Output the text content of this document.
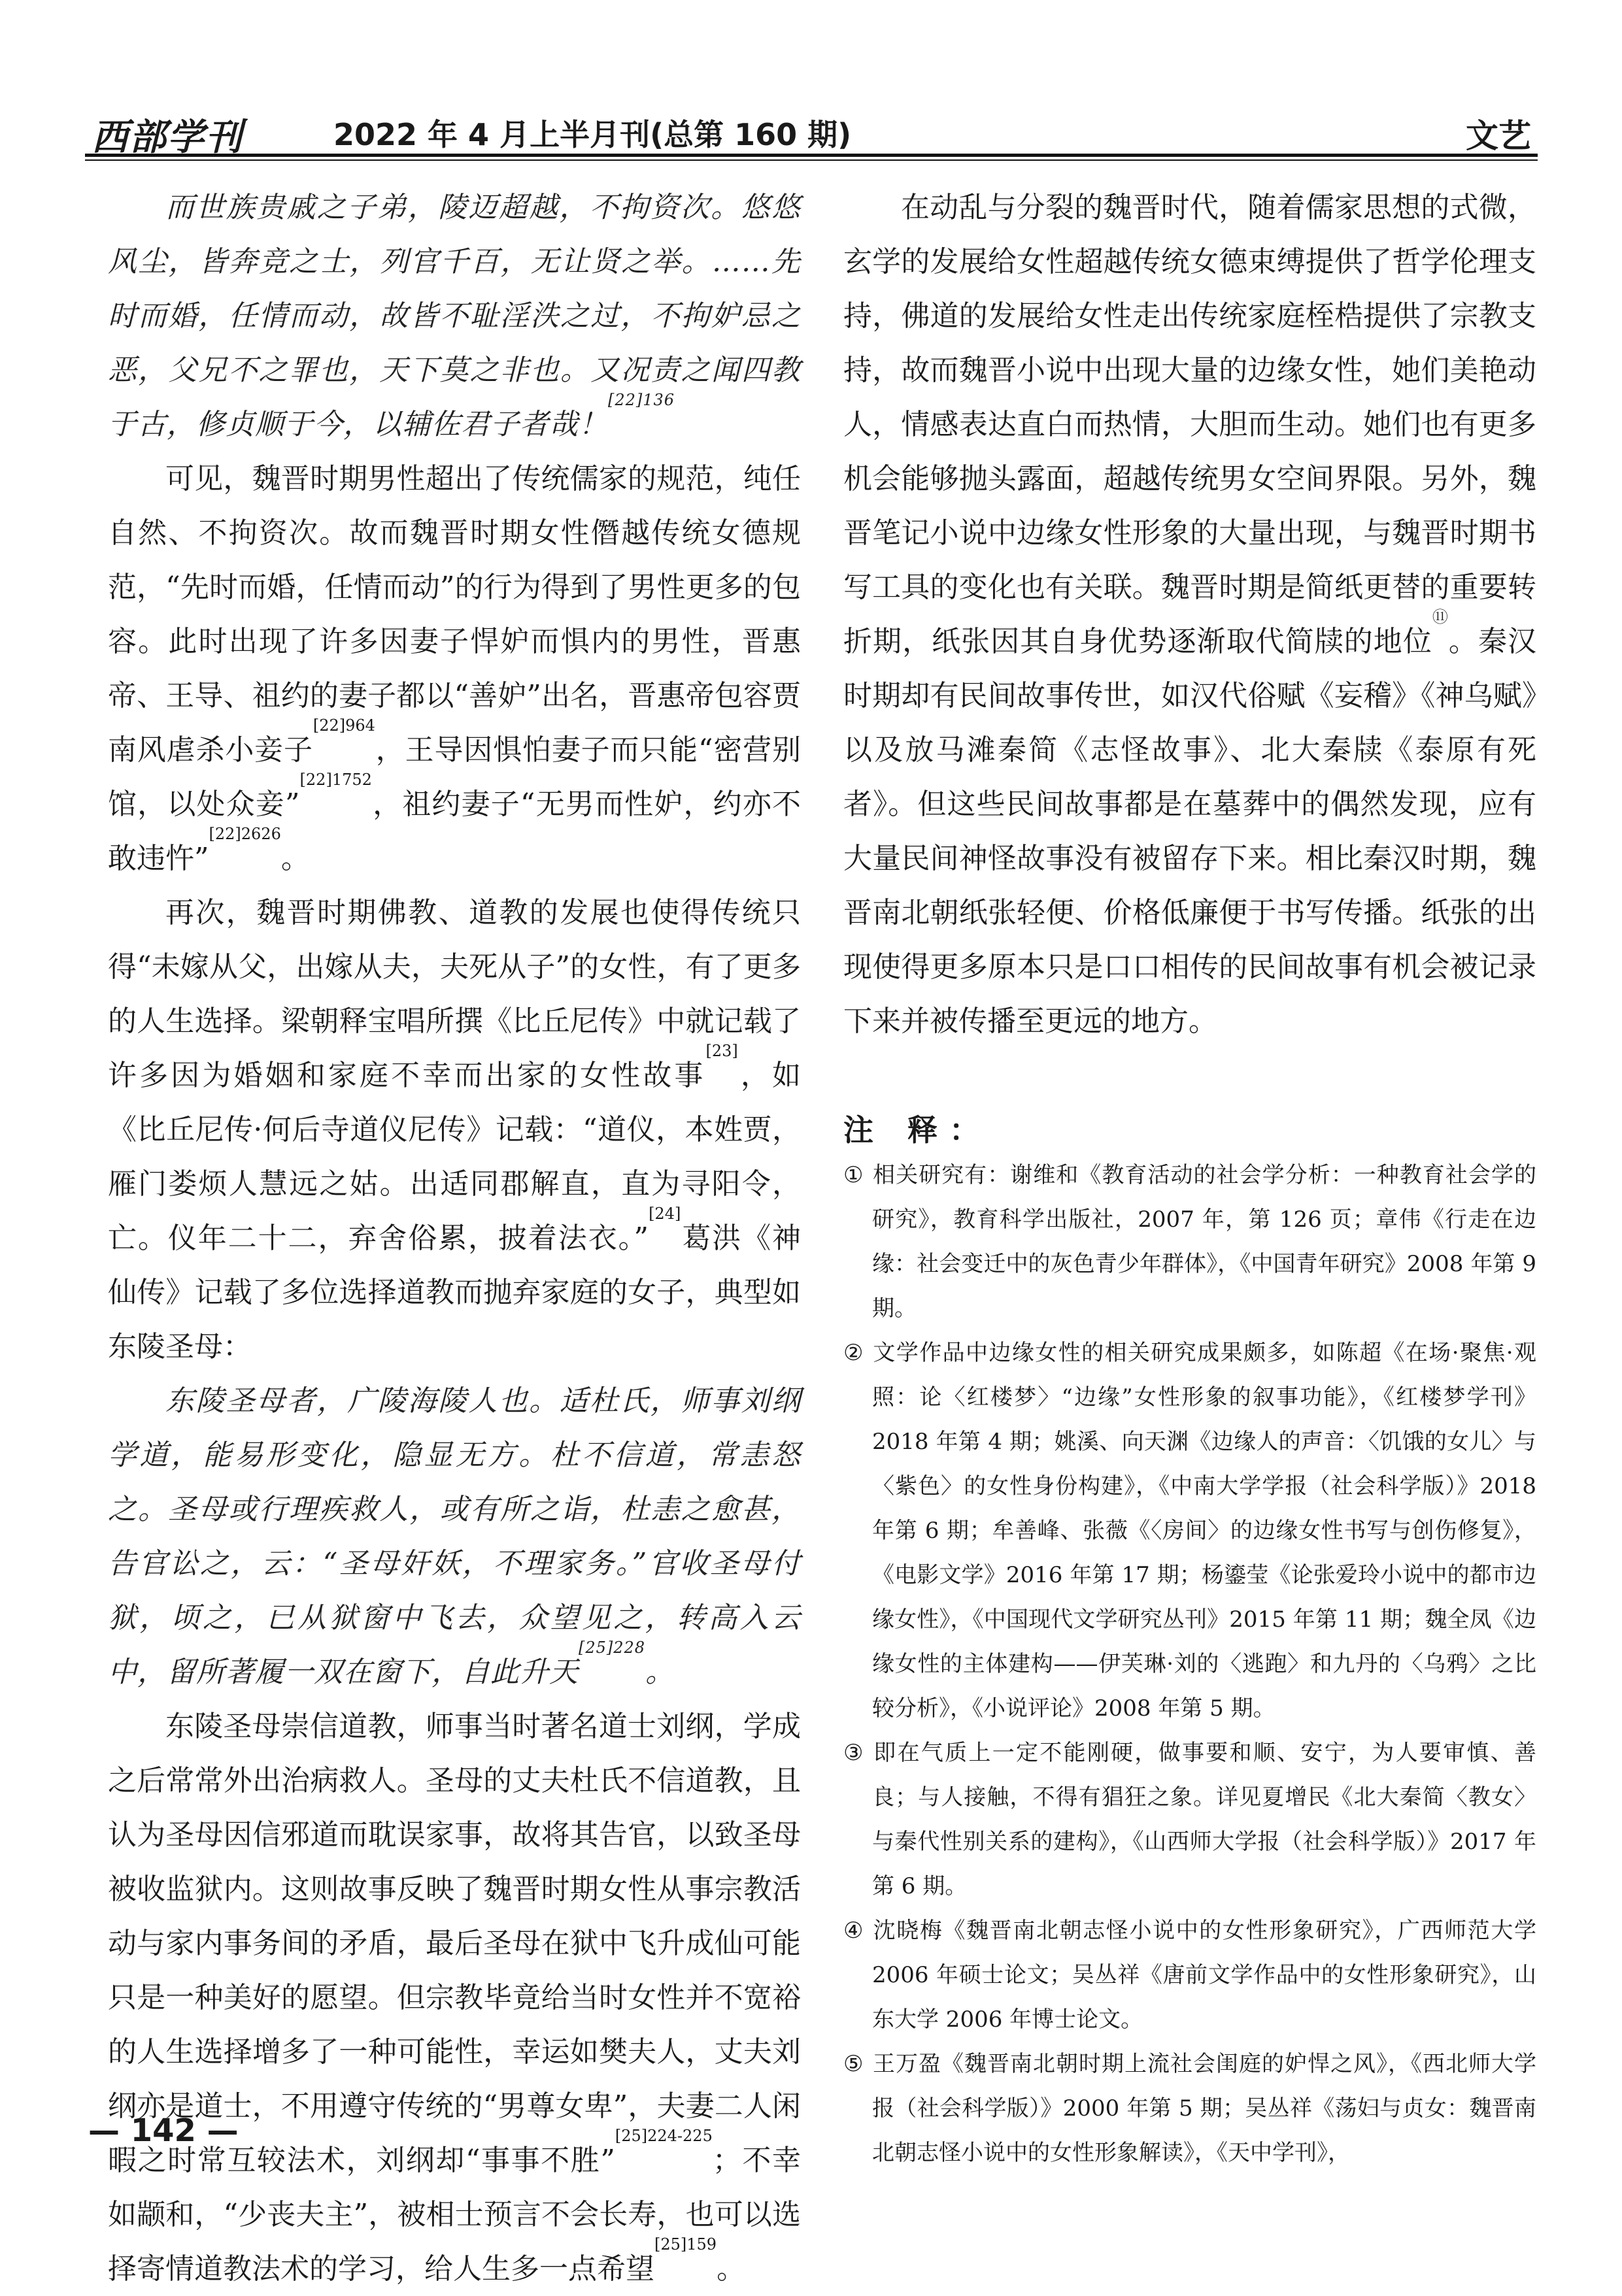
西部学刊	2022 年 4 月上半月刊(总第 160 期)	文艺

而世族贵戚之子弟，陵迈超越，不拘资次。悠悠风尘，皆奔竞之士，列官千百，无让贤之举。……先时而婚，任情而动，故皆不耻淫泆之过，不拘妒忌之恶，父兄不之罪也，天下莫之非也。又况责之闻四教于古，修贞顺于今，以辅佐君子者哉！$^{[22]136}$

可见，魏晋时期男性超出了传统儒家的规范，纯任自然、不拘资次。故而魏晋时期女性僭越传统女德规范，“先时而婚，任情而动”的行为得到了男性更多的包容。此时出现了许多因妻子悍妒而惧内的男性，晋惠帝、王导、祖约的妻子都以“善妒”出名，晋惠帝包容贾南风虐杀小妾子$^{[22]964}$，王导因惧怕妻子而只能“密营别馆，以处众妾”$^{[22]1752}$，祖约妻子“无男而性妒，约亦不敢违忤”$^{[22]2626}$。

再次，魏晋时期佛教、道教的发展也使得传统只得“未嫁从父，出嫁从夫，夫死从子”的女性，有了更多的人生选择。梁朝释宝唱所撰《比丘尼传》中就记载了许多因为婚姻和家庭不幸而出家的女性故事[23]，如《比丘尼传·何后寺道仪尼传》记载：“道仪，本姓贾，雁门娄烦人慧远之姑。出适同郡解直，直为寻阳令，亡。仪年二十二，弃舍俗累，披着法衣。”[24]葛洪《神仙传》记载了多位选择道教而抛弃家庭的女子，典型如东陵圣母：

东陵圣母者，广陵海陵人也。适杜氏，师事刘纲学道，能易形变化，隐显无方。杜不信道，常恚怒之。圣母或行理疾救人，或有所之诣，杜恚之愈甚，告官讼之，云：“圣母奸妖，不理家务。”官收圣母付狱，顷之，已从狱窗中飞去，众望见之，转高入云中，留所著履一双在窗下，自此升天$^{[25]228}$。

东陵圣母崇信道教，师事当时著名道士刘纲，学成之后常常外出治病救人。圣母的丈夫杜氏不信道教，且认为圣母因信邪道而耽误家事，故将其告官，以致圣母被收监狱内。这则故事反映了魏晋时期女性从事宗教活动与家内事务间的矛盾，最后圣母在狱中飞升成仙可能只是一种美好的愿望。但宗教毕竟给当时女性并不宽裕的人生选择增多了一种可能性，幸运如樊夫人，丈夫刘纲亦是道士，不用遵守传统的“男尊女卑”，夫妻二人闲暇之时常互较法术，刘纲却“事事不胜”$^{[25]224-225}$；不幸如颛和，“少丧夫主”，被相士预言不会长寿，也可以选择寄情道教法术的学习，给人生多一点希望$^{[25]159}$。

在动乱与分裂的魏晋时代，随着儒家思想的式微，玄学的发展给女性超越传统女德束缚提供了哲学伦理支持，佛道的发展给女性走出传统家庭桎梏提供了宗教支持，故而魏晋小说中出现大量的边缘女性，她们美艳动人，情感表达直白而热情，大胆而生动。她们也有更多机会能够抛头露面，超越传统男女空间界限。另外，魏晋笔记小说中边缘女性形象的大量出现，与魏晋时期书写工具的变化也有关联。魏晋时期是简纸更替的重要转折期，纸张因其自身优势逐渐取代简牍的地位⑪。秦汉时期却有民间故事传世，如汉代俗赋《妄稽》《神乌赋》以及放马滩秦简《志怪故事》、北大秦牍《泰原有死者》。但这些民间故事都是在墓葬中的偶然发现，应有大量民间神怪故事没有被留存下来。相比秦汉时期，魏晋南北朝纸张轻便、价格低廉便于书写传播。纸张的出现使得更多原本只是口口相传的民间故事有机会被记录下来并被传播至更远的地方。

注 释：

① 相关研究有：谢维和《教育活动的社会学分析：一种教育社会学的研究》，教育科学出版社，2007 年，第 126 页；章伟《行走在边缘：社会变迁中的灰色青少年群体》，《中国青年研究》2008 年第 9 期。

② 文学作品中边缘女性的相关研究成果颇多，如陈超《在场·聚焦·观照：论〈红楼梦〉“边缘”女性形象的叙事功能》，《红楼梦学刊》2018 年第 4 期；姚溪、向天渊《边缘人的声音：〈饥饿的女儿〉与〈紫色〉的女性身份构建》，《中南大学学报（社会科学版）》2018 年第 6 期；牟善峰、张薇《〈房间〉的边缘女性书写与创伤修复》，《电影文学》2016 年第 17 期；杨鎏莹《论张爱玲小说中的都市边缘女性》，《中国现代文学研究丛刊》2015 年第 11 期；魏全凤《边缘女性的主体建构——伊芙琳·刘的〈逃跑〉和九丹的〈乌鸦〉之比较分析》，《小说评论》2008 年第 5 期。

③ 即在气质上一定不能刚硬，做事要和顺、安宁，为人要审慎、善良；与人接触，不得有猖狂之象。详见夏增民《北大秦简〈教女〉与秦代性别关系的建构》，《山西师大学报（社会科学版）》2017 年第 6 期。

④ 沈晓梅《魏晋南北朝志怪小说中的女性形象研究》，广西师范大学 2006 年硕士论文；吴丛祥《唐前文学作品中的女性形象研究》，山东大学 2006 年博士论文。

⑤ 王万盈《魏晋南北朝时期上流社会闺庭的妒悍之风》，《西北师大学报（社会科学版）》2000 年第 5 期；吴丛祥《荡妇与贞女：魏晋南北朝志怪小说中的女性形象解读》，《天中学刊》，

— 142 —
